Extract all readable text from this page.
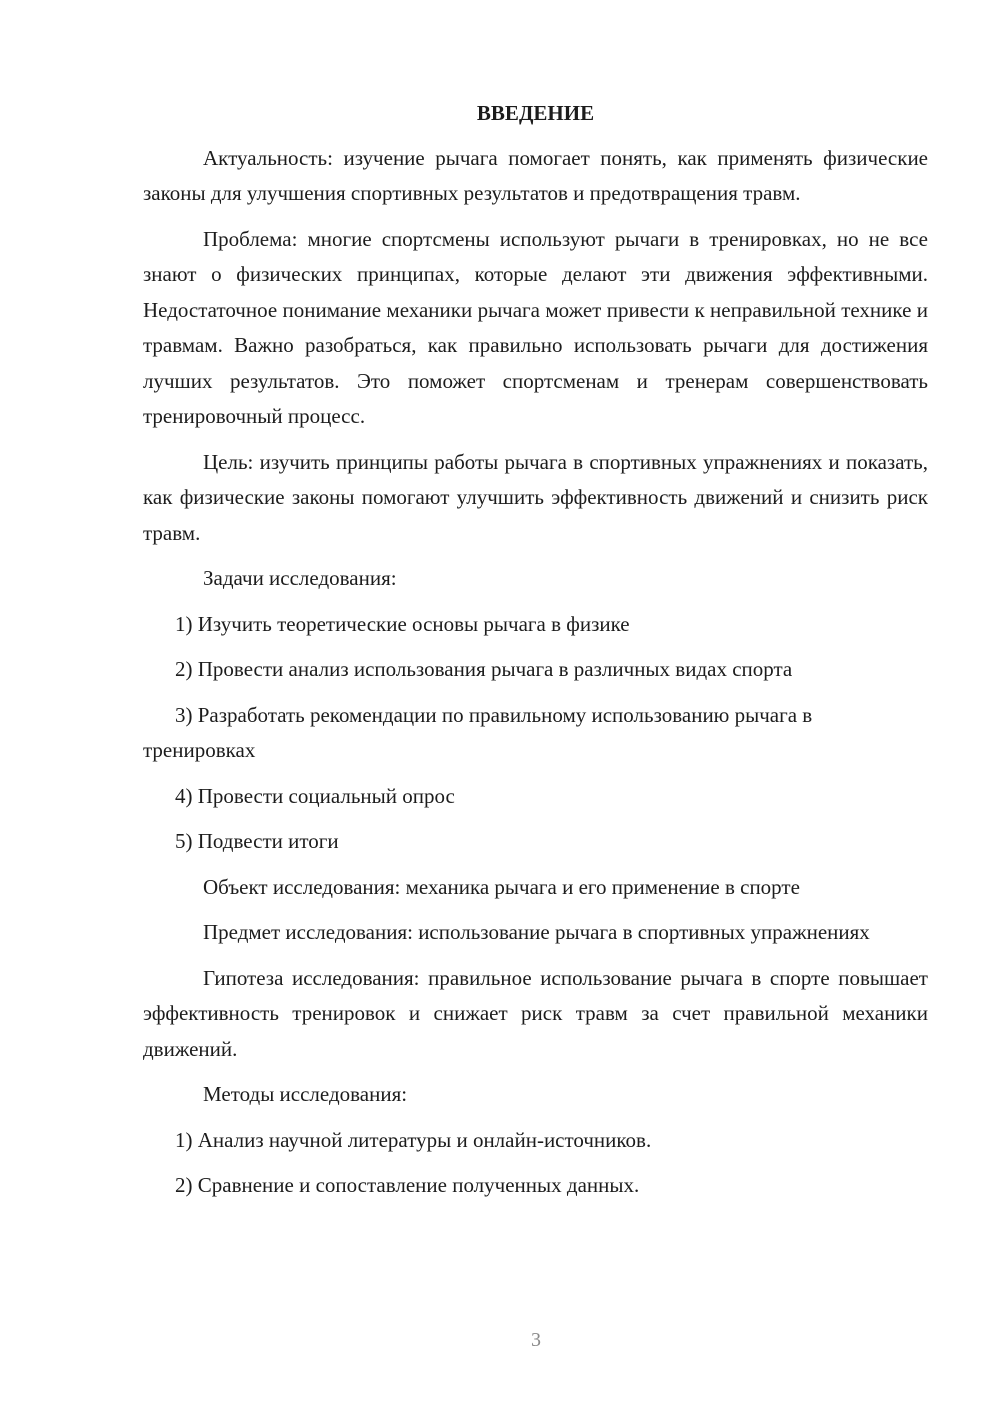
ВВЕДЕНИЕ
Актуальность: изучение рычага помогает понять, как применять физические законы для улучшения спортивных результатов и предотвращения травм.
Проблема: многие спортсмены используют рычаги в тренировках, но не все знают о физических принципах, которые делают эти движения эффективными. Недостаточное понимание механики рычага может привести к неправильной технике и травмам. Важно разобраться, как правильно использовать рычаги для достижения лучших результатов. Это поможет спортсменам и тренерам совершенствовать тренировочный процесс.
Цель: изучить принципы работы рычага в спортивных упражнениях и показать, как физические законы помогают улучшить эффективность движений и снизить риск травм.
Задачи исследования:
1) Изучить теоретические основы рычага в физике
2) Провести анализ использования рычага в различных видах спорта
3) Разработать рекомендации по правильному использованию рычага в тренировках
4) Провести социальный опрос
5) Подвести итоги
Объект исследования: механика рычага и его применение в спорте
Предмет исследования: использование рычага в спортивных упражнениях
Гипотеза исследования: правильное использование рычага в спорте повышает эффективность тренировок и снижает риск травм за счет правильной механики движений.
Методы исследования:
1) Анализ научной литературы и онлайн-источников.
2) Сравнение и сопоставление полученных данных.
3
